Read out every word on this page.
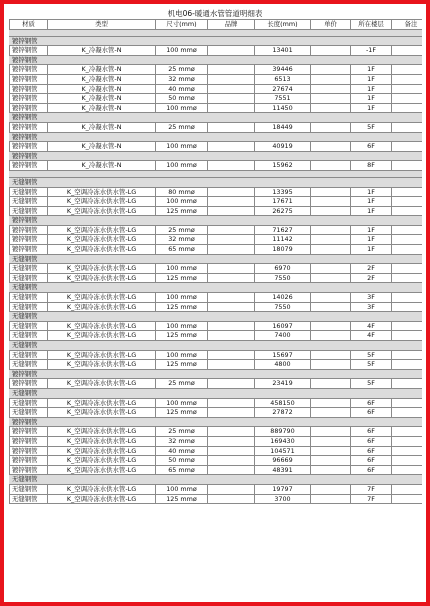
机电06-暖通水管管道明细表
材质	类型	尺寸(mm)	品牌	长度(mm)	单价	所在楼层	备注

镀锌钢管							
镀锌钢管	K_冷凝水管-N	100 mmø		13401		-1F	
镀锌钢管							
镀锌钢管	K_冷凝水管-N	25 mmø		39446		1F	
镀锌钢管	K_冷凝水管-N	32 mmø		6513		1F	
镀锌钢管	K_冷凝水管-N	40 mmø		27674		1F	
镀锌钢管	K_冷凝水管-N	50 mmø		7551		1F	
镀锌钢管	K_冷凝水管-N	100 mmø		11450		1F	
镀锌钢管							
镀锌钢管	K_冷凝水管-N	25 mmø		18449		5F	
镀锌钢管							
镀锌钢管	K_冷凝水管-N	100 mmø		40919		6F	
镀锌钢管							
镀锌钢管	K_冷凝水管-N	100 mmø		15962		8F	

无缝钢管							
无缝钢管	K_空调冷冻水供水管-LG	80 mmø		13395		1F	
无缝钢管	K_空调冷冻水供水管-LG	100 mmø		17671		1F	
无缝钢管	K_空调冷冻水供水管-LG	125 mmø		26275		1F	
镀锌钢管							
镀锌钢管	K_空调冷冻水供水管-LG	25 mmø		71627		1F	
镀锌钢管	K_空调冷冻水供水管-LG	32 mmø		11142		1F	
镀锌钢管	K_空调冷冻水供水管-LG	65 mmø		18079		1F	
无缝钢管							
无缝钢管	K_空调冷冻水供水管-LG	100 mmø		6970		2F	
无缝钢管	K_空调冷冻水供水管-LG	125 mmø		7550		2F	
无缝钢管							
无缝钢管	K_空调冷冻水供水管-LG	100 mmø		14026		3F	
无缝钢管	K_空调冷冻水供水管-LG	125 mmø		7550		3F	
无缝钢管							
无缝钢管	K_空调冷冻水供水管-LG	100 mmø		16097		4F	
无缝钢管	K_空调冷冻水供水管-LG	125 mmø		7400		4F	
无缝钢管							
无缝钢管	K_空调冷冻水供水管-LG	100 mmø		15697		5F	
无缝钢管	K_空调冷冻水供水管-LG	125 mmø		4800		5F	
镀锌钢管							
镀锌钢管	K_空调冷冻水供水管-LG	25 mmø		23419		5F	
无缝钢管							
无缝钢管	K_空调冷冻水供水管-LG	100 mmø		458150		6F	
无缝钢管	K_空调冷冻水供水管-LG	125 mmø		27872		6F	
镀锌钢管							
镀锌钢管	K_空调冷冻水供水管-LG	25 mmø		889790		6F	
镀锌钢管	K_空调冷冻水供水管-LG	32 mmø		169430		6F	
镀锌钢管	K_空调冷冻水供水管-LG	40 mmø		104571		6F	
镀锌钢管	K_空调冷冻水供水管-LG	50 mmø		96669		6F	
镀锌钢管	K_空调冷冻水供水管-LG	65 mmø		48391		6F	
无缝钢管							
无缝钢管	K_空调冷冻水供水管-LG	100 mmø		19797		7F	
无缝钢管	K_空调冷冻水供水管-LG	125 mmø		3700		7F	
